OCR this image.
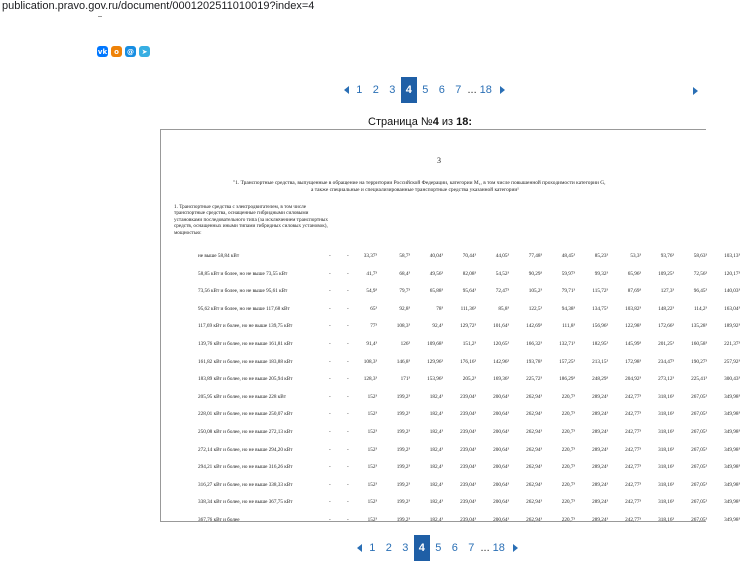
publication.pravo.gov.ru/document/0001202511010019?index=4
vk о	@	➤
1 2 3 4 5 6 7 ... 18
Страница №4 из 18:
3
"1. Транспортные средства, выпущенные в обращение на территории Российской Федерации, категории M₁, в том числе повышенной проходимости категории G,
а также специальные и специализированные транспортные средства указанной категории¹
1. Транспортные средства с электродвигателем, в том числе транспортные средства, оснащенные гибридными силовыми установками последовательного типа (за исключением транспортных средств, оснащенных иными типами гибридных силовых установок), мощностью:
не выше 58,84 кВт	-	-	33,37³	58,7³	40,04³	70,44³	44,05³	77,48³	48,45³	85,23³	53,3³	93,76³	58,63³	103,13³
58,85 кВт и более, но не выше 73,55 кВт	-	-	41,7³	68,4³	49,56³	82,08³	54,52³	90,29³	59,97³	99,32³	65,96³	109,25³	72,56³	120,17³
73,56 кВт и более, но не выше 95,61 кВт	-	-	54,9³	79,7³	65,88³	95,64³	72,47³	105,2³	79,71³	115,72³	87,69³	127,3³	96,45³	140,03³
95,62 кВт и более, но не выше 117,68 кВт	-	-	65³	92,8³	78³	111,36³	85,8³	122,5³	94,38³	134,75³	103,82³	148,22³	114,2³	163,04³
117,69 кВт и более, но не выше 139,75 кВт	-	-	77³	108,3³	92,4³	129,72³	101,64³	142,69³	111,8³	156,96³	122,98³	172,66³	135,28³	189,92³
139,76 кВт и более, но не выше 161,81 кВт	-	-	91,4³	126³	109,68³	151,2³	120,65³	166,32³	132,71³	182,95³	145,99³	201,25³	160,58³	221,37³
161,82 кВт и более, но не выше 183,88 кВт	-	-	108,3³	146,8³	129,96³	176,16³	142,96³	193,78³	157,25³	213,15³	172,98³	234,47³	190,27³	257,92³
183,89 кВт и более, но не выше 205,94 кВт	-	-	128,3³	171³	153,96³	205,2³	169,36³	225,72³	186,29³	248,29³	204,92³	273,12³	225,41³	300,43³
205,95 кВт и более, но не выше 228 кВт	-	-	152³	199,2³	182,4³	239,04³	200,64³	262,94³	220,7³	289,24³	242,77³	318,16³	267,05³	349,98³
228,01 кВт и более, но не выше 250,07 кВт	-	-	152³	199,2³	182,4³	239,04³	200,64³	262,94³	220,7³	289,24³	242,77³	318,16³	267,05³	349,98³
250,08 кВт и более, но не выше 272,13 кВт	-	-	152³	199,2³	182,4³	239,04³	200,64³	262,94³	220,7³	289,24³	242,77³	318,16³	267,05³	349,98³
272,14 кВт и более, но не выше 294,20 кВт	-	-	152³	199,2³	182,4³	239,04³	200,64³	262,94³	220,7³	289,24³	242,77³	318,16³	267,05³	349,98³
294,21 кВт и более, но не выше 316,26 кВт	-	-	152³	199,2³	182,4³	239,04³	200,64³	262,94³	220,7³	289,24³	242,77³	318,16³	267,05³	349,98³
316,27 кВт и более, но не выше 338,33 кВт	-	-	152³	199,2³	182,4³	239,04³	200,64³	262,94³	220,7³	289,24³	242,77³	318,16³	267,05³	349,98³
338,34 кВт и более, но не выше 367,75 кВт	-	-	152³	199,2³	182,4³	239,04³	200,64³	262,94³	220,7³	289,24³	242,77³	318,16³	267,05³	349,98³
367,76 кВт и более	-	-	152³	199,2³	182,4³	239,04³	200,64³	262,94³	220,7³	289,24³	242,77³	318,16³	267,05³	349,98³
1 2 3 4 5 6 7 ... 18
